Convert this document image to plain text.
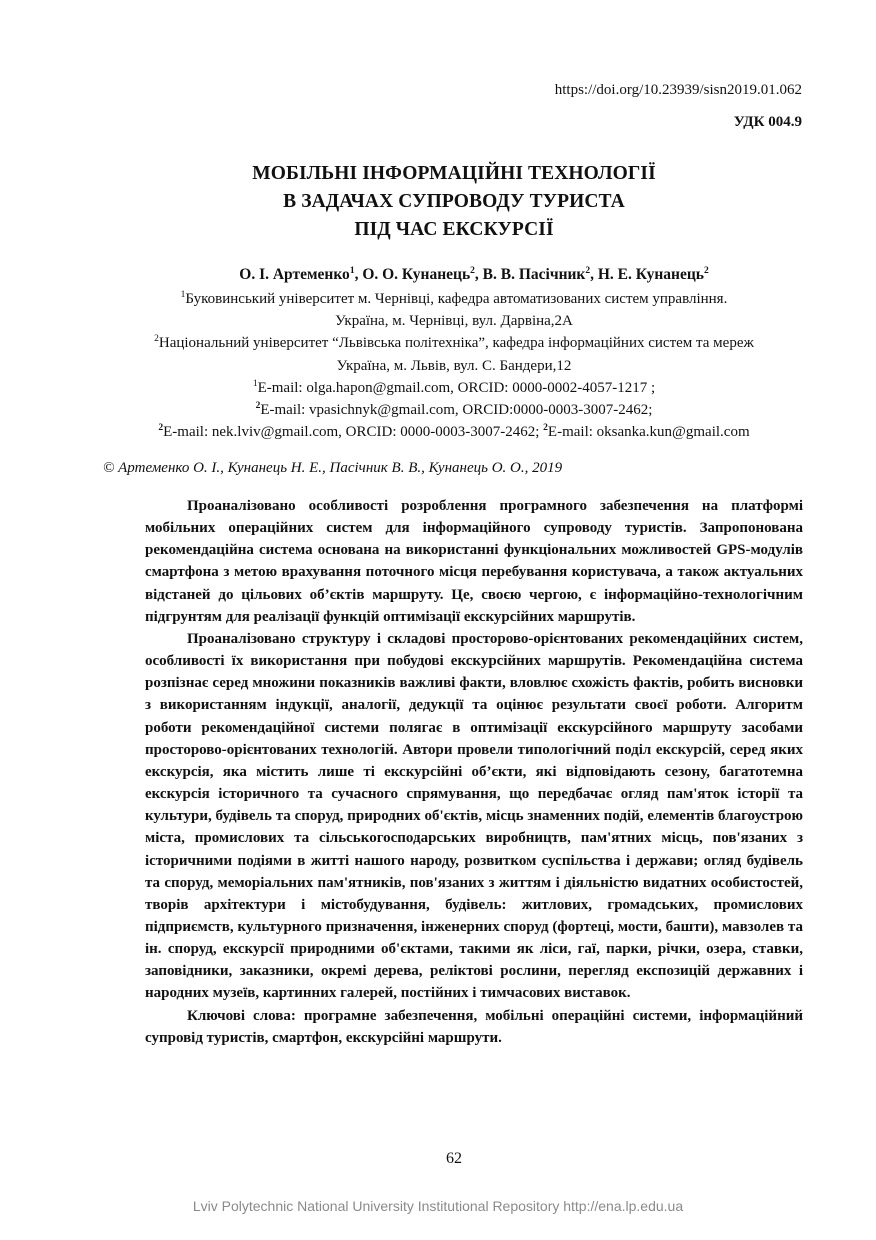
https://doi.org/10.23939/sisn2019.01.062

УДК 004.9

МОБІЛЬНІ ІНФОРМАЦІЙНІ ТЕХНОЛОГІЇ
В ЗАДАЧАХ СУПРОВОДУ ТУРИСТА
ПІД ЧАС ЕКСКУРСІЇ

О. І. Артеменко$^1$, О. О. Кунанець$^2$, В. В. Пасічник$^2$, Н. Е. Кунанець$^2$

$^1$Буковинський університет м. Чернівці, кафедра автоматизованих систем управління.
Україна, м. Чернівці, вул. Дарвіна,2А
$^2$Національний університет “Львівська політехніка”, кафедра інформаційних систем та мереж
Україна, м. Львів, вул. С. Бандери,12
$^1$E-mail: olga.hapon@gmail.com, ORCID: 0000-0002-4057-1217 ;
$^2$E-mail: vpasichnyk@gmail.com, ORCID:0000-0003-3007-2462;
$^2$E-mail: nek.lviv@gmail.com, ORCID: 0000-0003-3007-2462; $^2$E-mail: oksanka.kun@gmail.com

© Артеменко О. І., Кунанець Н. Е., Пасічник В. В., Кунанець О. О., 2019

Проаналізовано особливості розроблення програмного забезпечення на платформі мобільних операційних систем для інформаційного супроводу туристів. Запропонована рекомендаційна система основана на використанні функціональних можливостей GPS-модулів смартфона з метою врахування поточного місця перебування користувача, а також актуальних відстаней до цільових об’єктів маршруту. Це, своєю чергою, є інформаційно-технологічним підгрунтям для реалізації функцій оптимізації екскурсійних маршрутів.

Проаналізовано структуру і складові просторово-орієнтованих рекомендаційних систем, особливості їх використання при побудові екскурсійних маршрутів. Рекомендаційна система розпізнає серед множини показників важливі факти, вловлює схожість фактів, робить висновки з використанням індукції, аналогії, дедукції та оцінює результати своєї роботи. Алгоритм роботи рекомендаційної системи полягає в оптимізації екскурсійного маршруту засобами просторово-орієнтованих технологій. Автори провели типологічний поділ екскурсій, серед яких екскурсія, яка містить лише ті екскурсійні об’єкти, які відповідають сезону, багатотемна екскурсія історичного та сучасного спрямування, що передбачає огляд пам'яток історії та культури, будівель та споруд, природних об'єктів, місць знаменних подій, елементів благоустрою міста, промислових та сільськогосподарських виробництв, пам'ятних місць, пов'язаних з історичними подіями в житті нашого народу, розвитком суспільства і держави; огляд будівель та споруд, меморіальних пам'ятників, пов'язаних з життям і діяльністю видатних особистостей, творів архітектури і містобудування, будівель: житлових, громадських, промислових підприємств, культурного призначення, інженерних споруд (фортеці, мости, башти), мавзолев та ін. споруд, екскурсії природними об'єктами, такими як ліси, гаї, парки, річки, озера, ставки, заповідники, заказники, окремі дерева, реліктові рослини, перегляд експозицій державних і народних музеїв, картинних галерей, постійних і тимчасових виставок.

Ключові слова: програмне забезпечення, мобільні операційні системи, інформаційний супровід туристів, смартфон, екскурсійні маршрути.

62

Lviv Polytechnic National University Institutional Repository http://ena.lp.edu.ua
